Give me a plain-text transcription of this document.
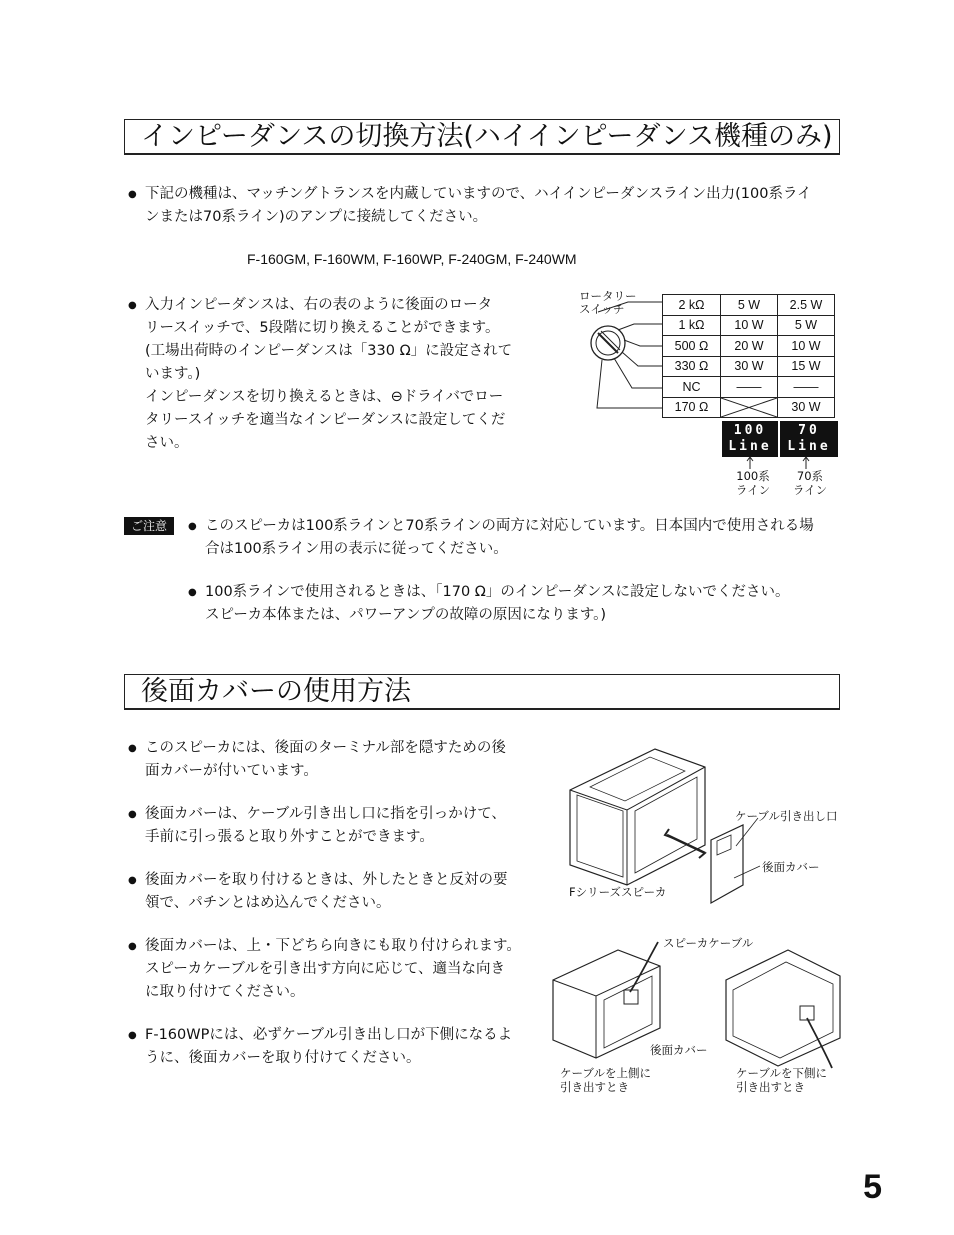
インピーダンスの切換方法(ハイインピーダンス機種のみ)
● 下記の機種は、マッチングトランスを内蔵していますので、ハイインピーダンスライン出力(100系ライ
ンまたは70系ライン)のアンプに接続してください。
F-160GM, F-160WM, F-160WP, F-240GM, F-240WM
● 入力インピーダンスは、右の表のように後面のロータ
リースイッチで、5段階に切り換えることができます。
(工場出荷時のインピーダンスは「330 Ω」に設定されて
います。)
インピーダンスを切り換えるときは、⊖ドライバでロー
タリースイッチを適当なインピーダンスに設定してくだ
さい。
ロータリー
スイッチ	2 kΩ	5 W	2.5 W
1 kΩ	10 W	5 W
500 Ω	20 W	10 W
330 Ω	30 W	15 W
NC	――	――
170 Ω		30 W
100
Line
70
Line
100系
ライン
70系
ライン
ご注意	● このスピーカは100系ラインと70系ラインの両方に対応しています。日本国内で使用される場
合は100系ライン用の表示に従ってください。
● 100系ラインで使用されるときは、「170 Ω」のインピーダンスに設定しないでください。
スピーカ本体または、パワーアンプの故障の原因になります。)
後面カバーの使用方法
● このスピーカには、後面のターミナル部を隠すための後
面カバーが付いています。
● 後面カバーは、ケーブル引き出し口に指を引っかけて、
手前に引っ張ると取り外すことができます。
● 後面カバーを取り付けるときは、外したときと反対の要
領で、パチンとはめ込んでください。
● 後面カバーは、上・下どちら向きにも取り付けられます。
スピーカケーブルを引き出す方向に応じて、適当な向き
に取り付けてください。
● F-160WPには、必ずケーブル引き出し口が下側になるよ
うに、後面カバーを取り付けてください。
ケーブル引き出し口
後面カバー
Fシリーズスピーカ
スピーカケーブル
後面カバー
ケーブルを上側に
引き出すとき
ケーブルを下側に
引き出すとき
5
